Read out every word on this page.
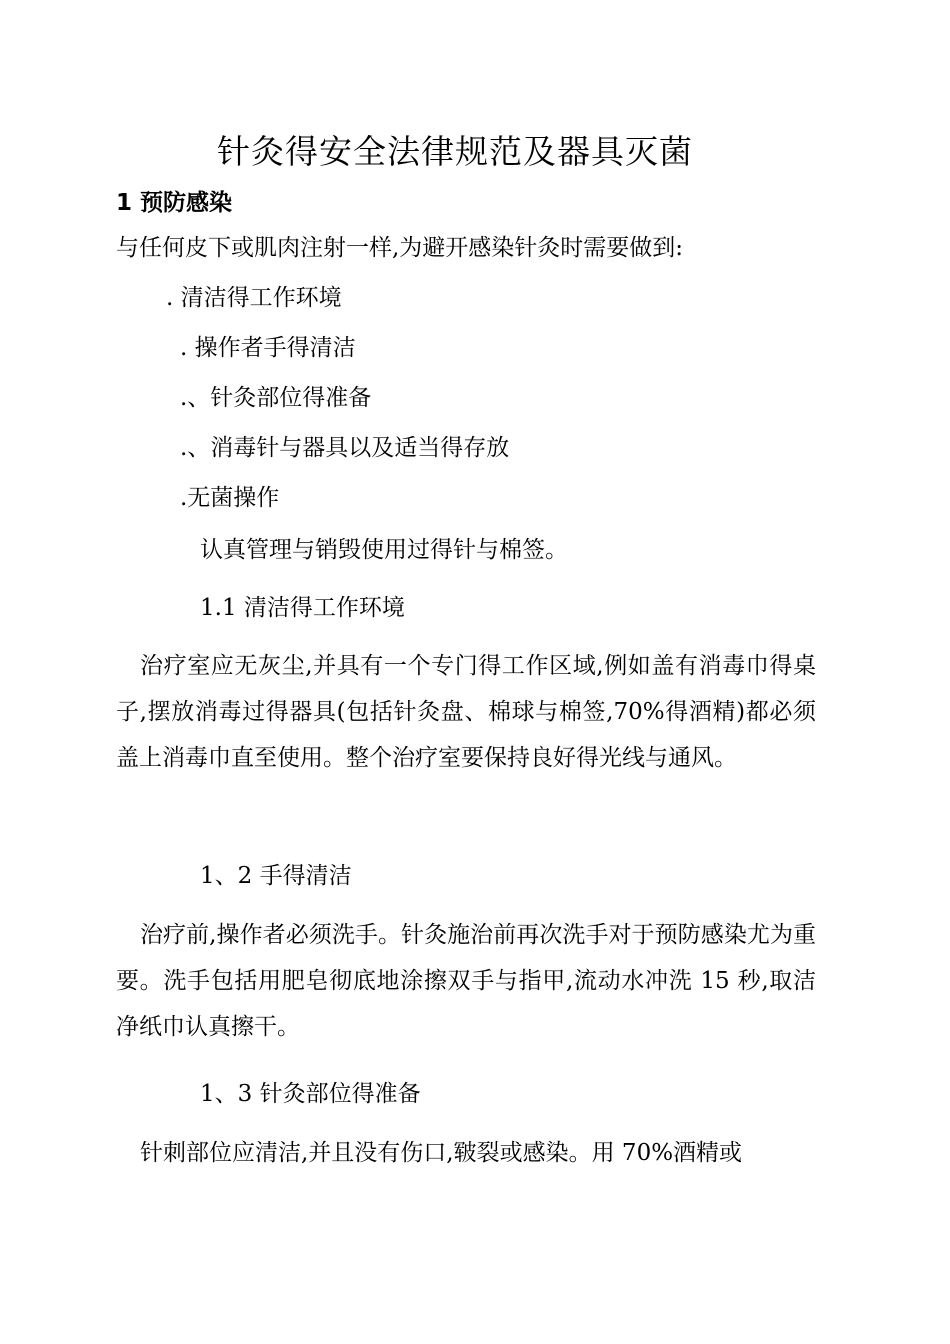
针灸得安全法律规范及器具灭菌
1 预防感染
与任何皮下或肌肉注射一样,为避开感染针灸时需要做到:
. 清洁得工作环境
. 操作者手得清洁
.、针灸部位得准备
.、消毒针与器具以及适当得存放
.无菌操作
认真管理与销毁使用过得针与棉签。
1.1 清洁得工作环境
治疗室应无灰尘,并具有一个专门得工作区域,例如盖有消毒巾得桌子,摆放消毒过得器具(包括针灸盘、棉球与棉签,70%得酒精)都必须盖上消毒巾直至使用。整个治疗室要保持良好得光线与通风。
1、2 手得清洁
治疗前,操作者必须洗手。针灸施治前再次洗手对于预防感染尤为重要。洗手包括用肥皂彻底地涂擦双手与指甲,流动水冲洗 15 秒,取洁净纸巾认真擦干。
1、3 针灸部位得准备
针刺部位应清洁,并且没有伤口,皲裂或感染。用 70%酒精或
